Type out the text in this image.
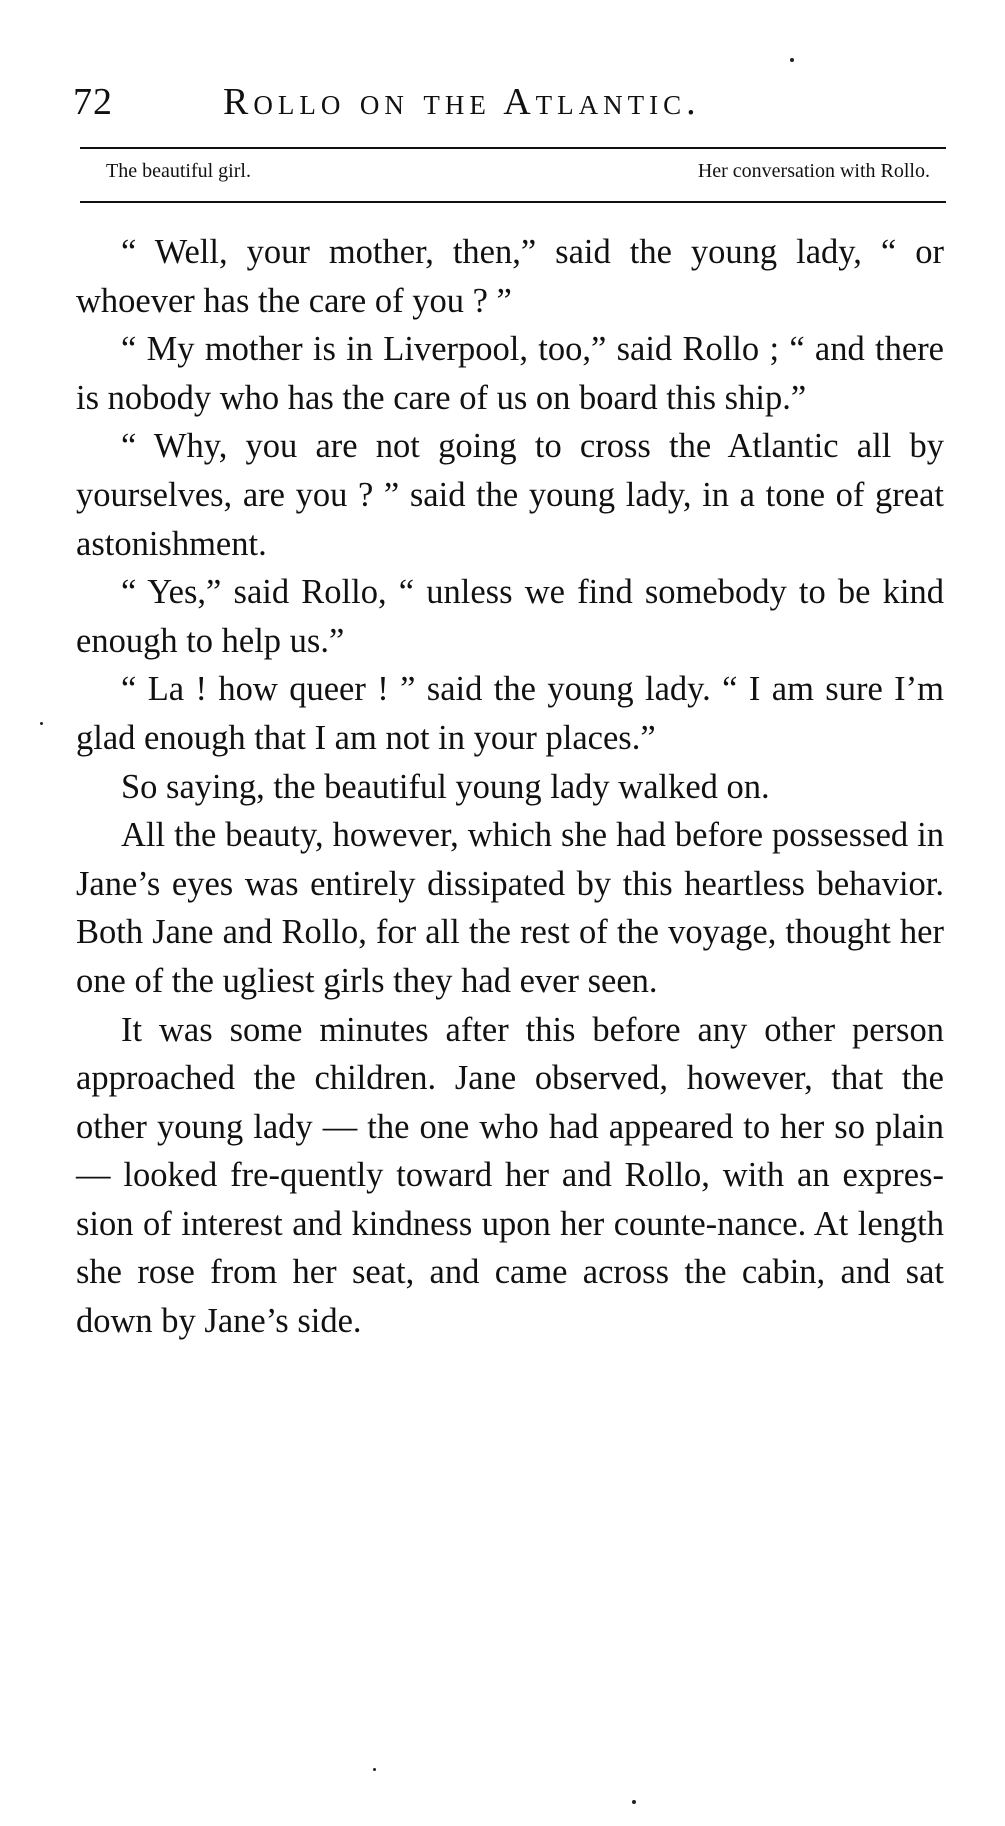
72	Rollo on the Atlantic.
The beautiful girl.	Her conversation with Rollo.

“ Well, your mother, then,” said the young lady, “ or whoever has the care of you ? ”

“ My mother is in Liverpool, too,” said Rollo ; “ and there is nobody who has the care of us on board this ship.”

“ Why, you are not going to cross the Atlantic all by yourselves, are you ? ” said the young lady, in a tone of great astonishment.

“ Yes,” said Rollo, “ unless we find somebody to be kind enough to help us.”

“ La ! how queer ! ” said the young lady. “ I am sure I’m glad enough that I am not in your places.”

So saying, the beautiful young lady walked on.

All the beauty, however, which she had before possessed in Jane’s eyes was entirely dissipated by this heartless behavior. Both Jane and Rollo, for all the rest of the voyage, thought her one of the ugliest girls they had ever seen.

It was some minutes after this before any other person approached the children. Jane observed, however, that the other young lady — the one who had appeared to her so plain — looked fre-quently toward her and Rollo, with an expres-sion of interest and kindness upon her counte-nance. At length she rose from her seat, and came across the cabin, and sat down by Jane’s side.
